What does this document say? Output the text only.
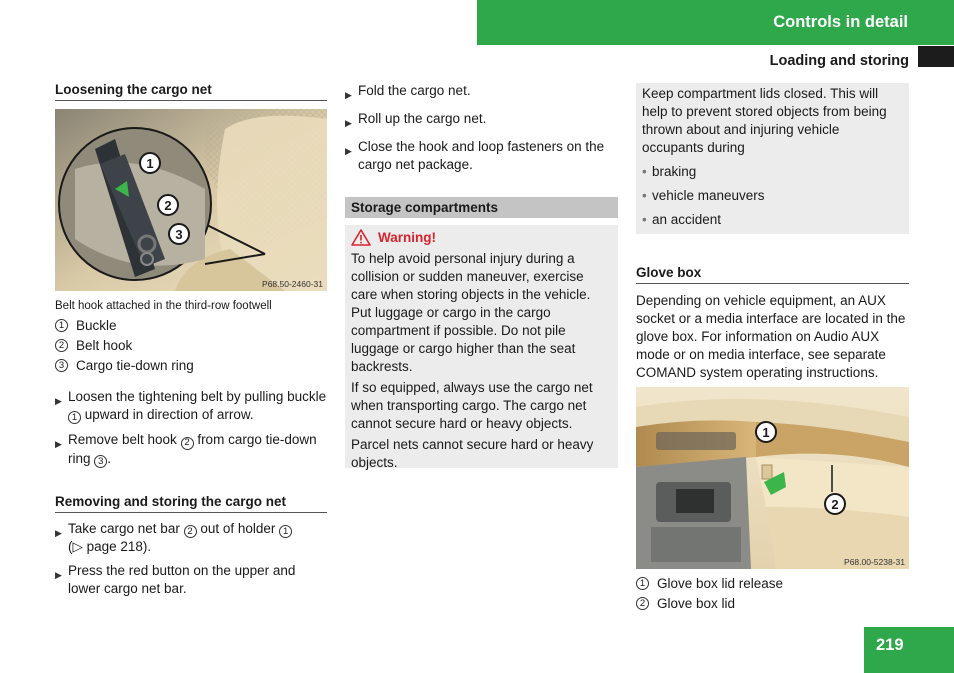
Controls in detail
Loading and storing
Loosening the cargo net
1
2
3
P68.50-2460-31
Belt hook attached in the third-row footwell
1 Buckle
2 Belt hook
3 Cargo tie-down ring
▶ Loosen the tightening belt by pulling buckle 1 upward in direction of arrow.
▶ Remove belt hook 2 from cargo tie-down ring 3 .
Removing and storing the cargo net
▶ Take cargo net bar 2 out of holder 1
(▷ page 218).
▶ Press the red button on the upper and lower cargo net bar.
▶ Fold the cargo net.
▶ Roll up the cargo net.
▶ Close the hook and loop fasteners on the cargo net package.
Storage compartments
Warning!
To help avoid personal injury during a collision or sudden maneuver, exercise care when storing objects in the vehicle. Put luggage or cargo in the cargo compartment if possible. Do not pile luggage or cargo higher than the seat backrests.
If so equipped, always use the cargo net when transporting cargo. The cargo net cannot secure hard or heavy objects.
Parcel nets cannot secure hard or heavy objects.
Keep compartment lids closed. This will help to prevent stored objects from being thrown about and injuring vehicle occupants during
• braking
• vehicle maneuvers
• an accident
Glove box
Depending on vehicle equipment, an AUX socket or a media interface are located in the glove box. For information on Audio AUX mode or on media interface, see separate COMAND system operating instructions.
1
2
P68.00-5238-31
1 Glove box lid release
2 Glove box lid
219
